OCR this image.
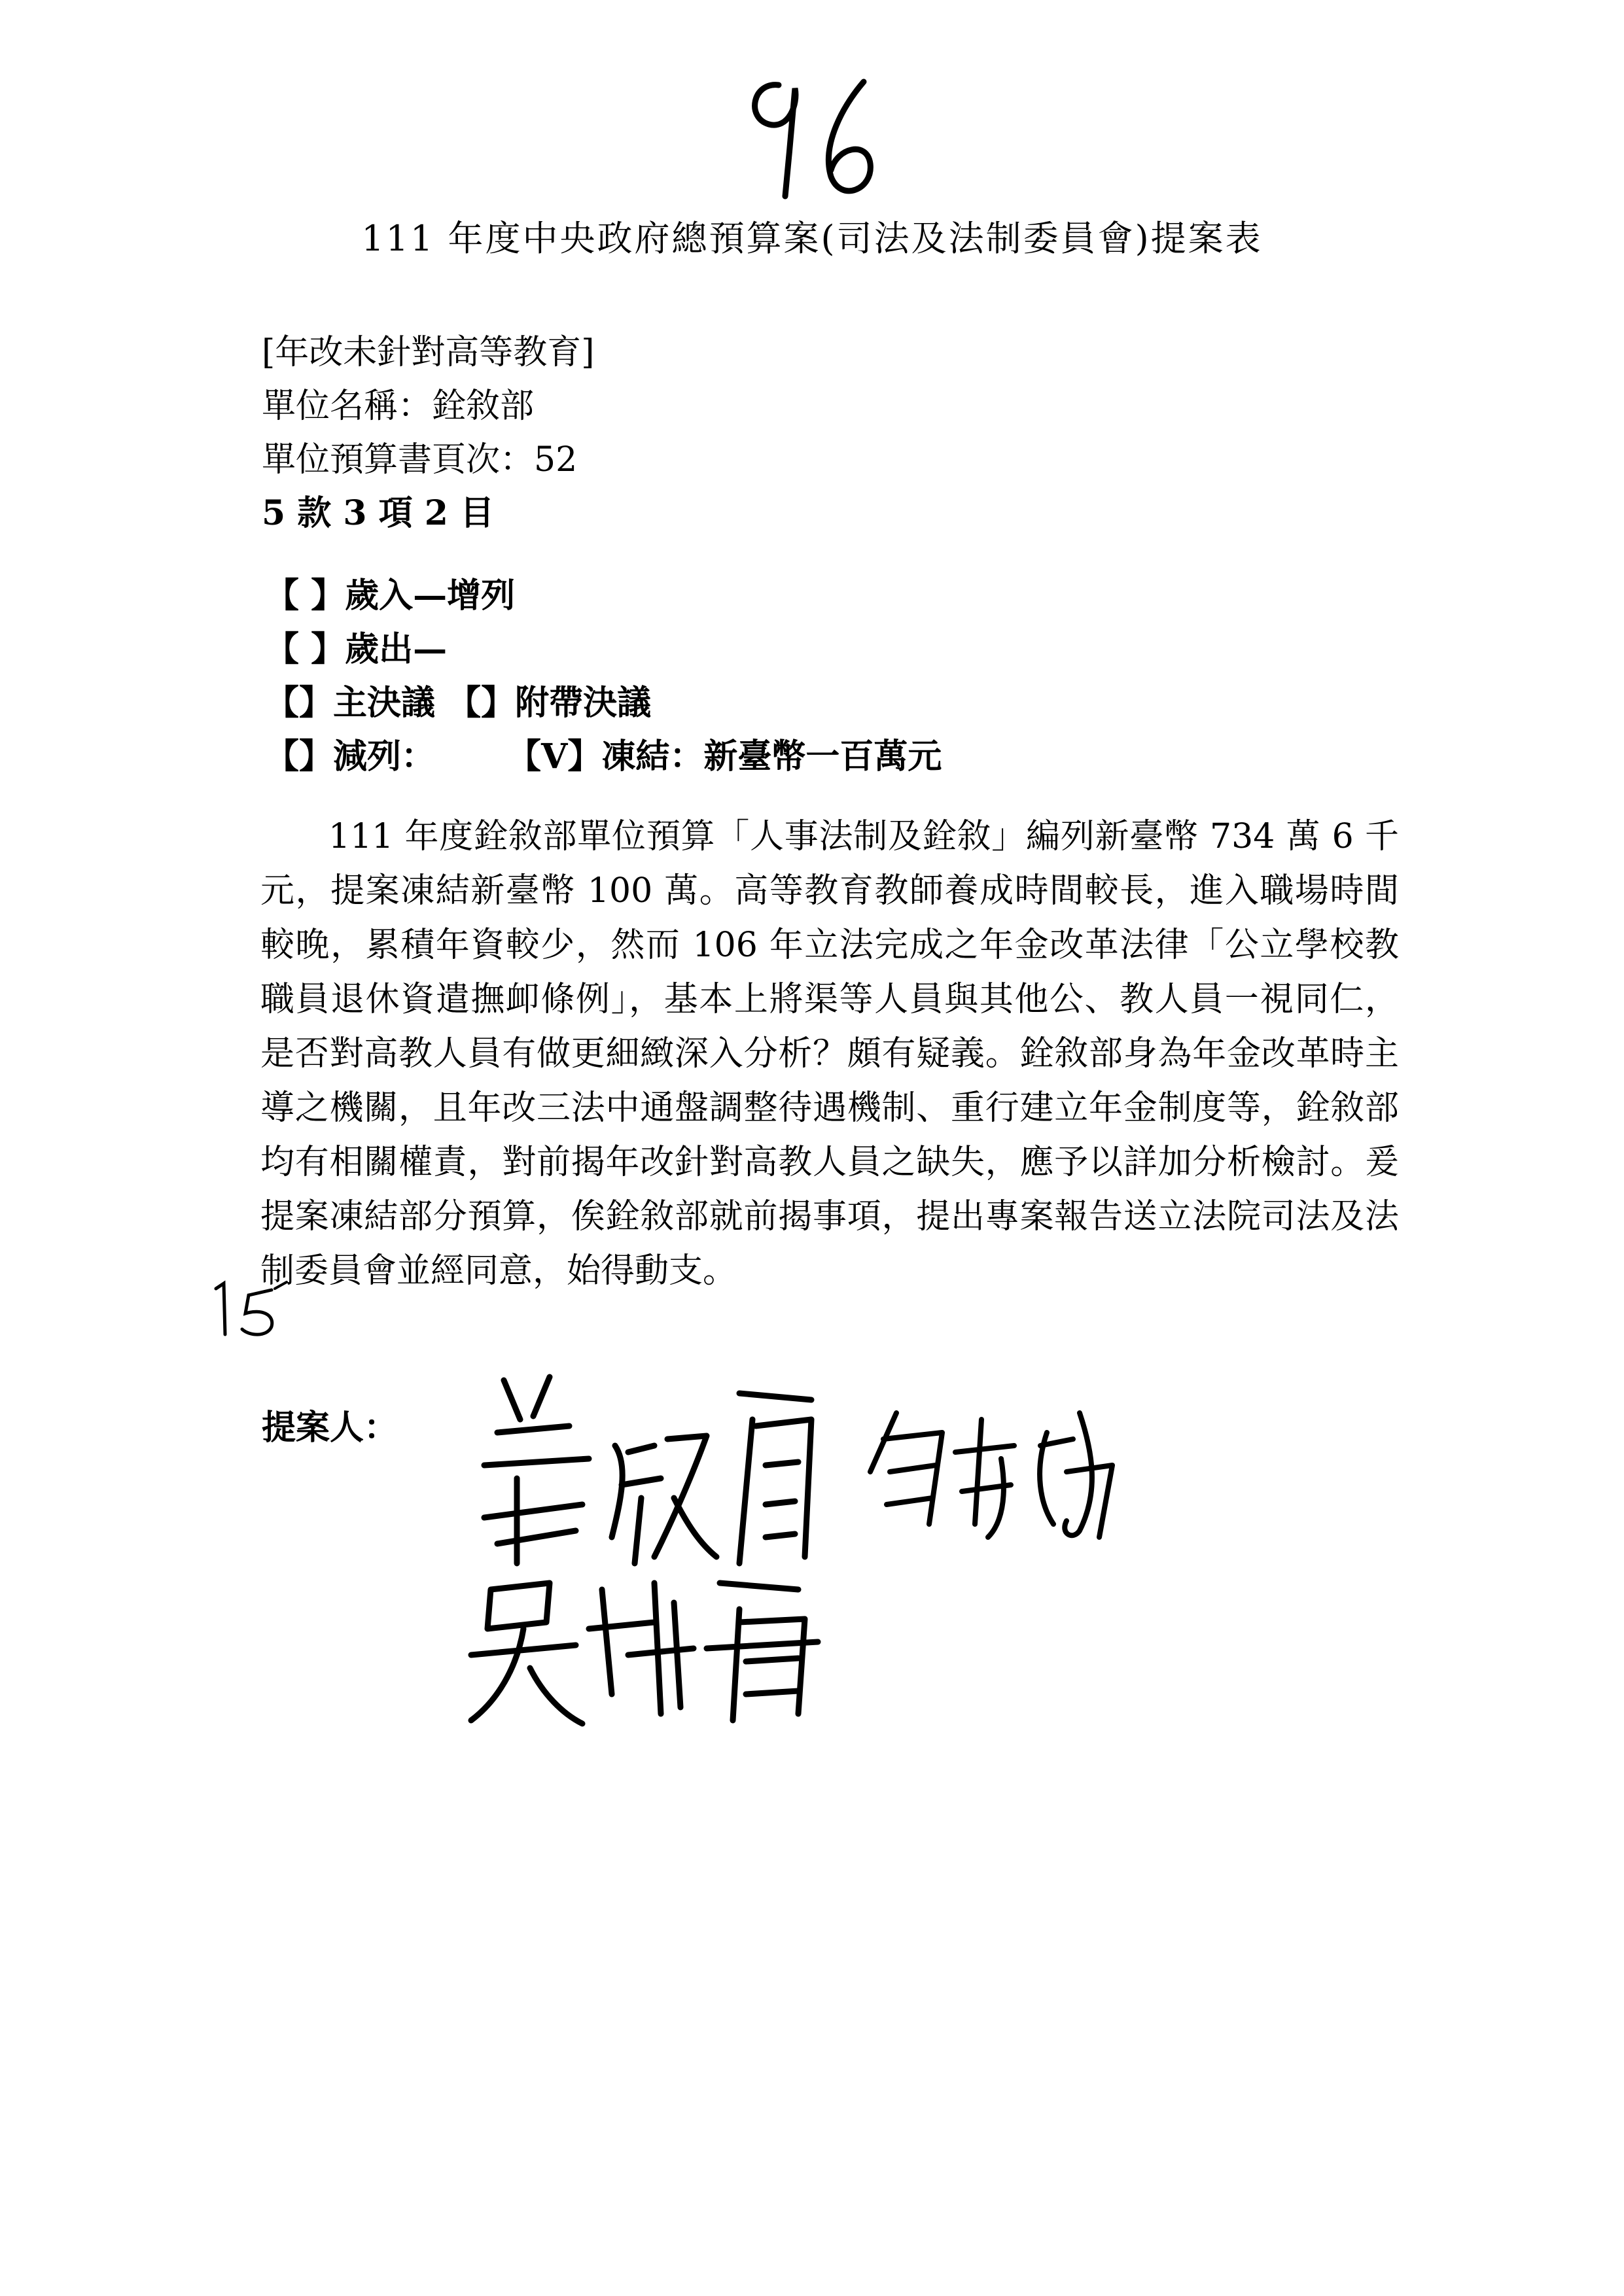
111 年度中央政府總預算案(司法及法制委員會)提案表
[年改未針對高等教育]
單位名稱：銓敘部
單位預算書頁次：52
5 款 3 項 2 目
【 】歲入—增列
【 】歲出—
【】主決議 【】附帶決議
【】減列： 【V】凍結：新臺幣一百萬元
111 年度銓敘部單位預算「人事法制及銓敘」編列新臺幣 734 萬 6 千元，提案凍結新臺幣 100 萬。高等教育教師養成時間較長，進入職場時間較晚，累積年資較少，然而 106 年立法完成之年金改革法律「公立學校教職員退休資遣撫卹條例」，基本上將渠等人員與其他公、教人員一視同仁，是否對高教人員有做更細緻深入分析？頗有疑義。銓敘部身為年金改革時主導之機關，且年改三法中通盤調整待遇機制、重行建立年金制度等，銓敘部均有相關權責，對前揭年改針對高教人員之缺失，應予以詳加分析檢討。爰提案凍結部分預算，俟銓敘部就前揭事項，提出專案報告送立法院司法及法制委員會並經同意，始得動支。
提案人：
